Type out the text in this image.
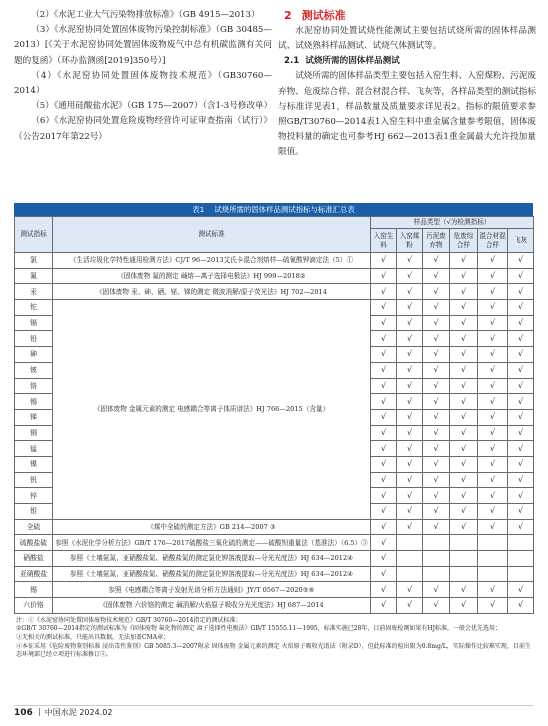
（2）《水泥工业大气污染物排放标准》（GB 4915—2013）

（3）《水泥窑协同处置固体废物污染控制标准》（GB 30485—2013）[《关于水泥窑协同处置固体废物废气中总有机碳监测有关问题的复函》（环办监测函[2019]350号）]

（4）《水泥窑协同处置固体废物技术规范》（GB30760—2014）

（5）《通用硅酸盐水泥》（GB 175—2007）（含1-3号修改单）

（6）《水泥窑协同处置危险废物经营许可证审查指南（试行）》（公告2017年第22号）

2 测试标准

水泥窑协同处置试烧性能测试主要包括试烧所需的固体样品测试、试烧熟料样品测试、试烧气体测试等。

2.1 试烧所需的固体样品测试

试烧所需的固体样品类型主要包括入窑生料、入窑煤粉、污泥废弃物、危废综合样、混合材混合样、飞灰等，各样品类型的测试指标与标准详见表1，样品数量及质量要求详见表2。指标的限值要求参照GB/T30760—2014表1入窑生料中重金属含量参考限值，固体废物投料量的确定也可参考HJ 662—2013表1重金属最大允许投加量限值。

表1 试烧所需的固体样品测试指标与标准汇总表
测试指标	测试标准	样品类型（√为检测指标）					
		入窑生料	入窑煤粉	污泥废弃物	危废综合样	混合材混合样	飞灰
氯	《生活垃圾化学特性通用检测方法》CJ/T 96—2013艾氏卡混合剂熔样—硫氰酸钾滴定法（5）①	√	√	√	√	√	√
氟	《固体废物 氟的测定 碱熔—离子选择电极法》HJ 999—2018②	√	√	√	√	√	√
汞	《固体废物 汞、砷、硒、铋、锑的测定 微波消解/原子荧光法》HJ 702—2014	√	√	√	√	√	√
铊	《固体废物 金属元素的测定 电感耦合等离子体质谱法》HJ 766—2015（含量）	√	√	√	√	√	√
镉		√	√	√	√	√	√
铅		√	√	√	√	√	√
砷		√	√	√	√	√	√
铍		√	√	√	√	√	√
铬		√	√	√	√	√	√
锡		√	√	√	√	√	√
锑		√	√	√	√	√	√
铜		√	√	√	√	√	√
锰		√	√	√	√	√	√
镍		√	√	√	√	√	√
钒		√	√	√	√	√	√
锌		√	√	√	√	√	√
钼		√	√	√	√	√	√
全硫	《煤中全硫的测定方法》GB 214—2007 ③	√	√	√	√	√	√
硫酸盐硫	参照《水泥化学分析方法》GB/T 176—2017硫酸盐三氧化硫的测定——硫酸钡重量法（基准法）（6.5）③	√					
硝酸盐	参照《土壤氨氮、亚硝酸盐氮、硝酸盐氮的测定氯化钾溶液提取—分光光度法》HJ 634—2012④	√					
亚硝酸盐	参照《土壤氨氮、亚硝酸盐氮、硝酸盐氮的测定氯化钾溶液提取—分光光度法》HJ 634—2012④	√					
锡	参照《电感耦合等离子发射光谱分析方法通则》JY/T 0567—2020⑤⑥	√	√	√	√	√	√
六价铬	《固体废物 六价铬的测定 碱消解/火焰原子吸收分光光度法》HJ 687—2014	√	√	√	√	√	√

注：①《水泥窑协同处置固体废物技术规范》GB/T 30760—2014指定的测试标准；

②GB/T 30760—2014指定的测试标准为《固体废物 氟化物的测定 离子选择性电极法》GB/T 15555.11—1995，标准实施已28年，目前固废检测如果有HJ标准，一般会优先选用；

③无相关的测试标准，只能出具数据，无法加盖CMA章；

④本征采用《危险废物鉴别标准 浸出毒性鉴别》GB 5085.3—2007附录 固体废物 金属元素的测定 火焰原子吸收光谱法（附录D），但此标准的检出限为0.8mg/L，实际操作比较难实现，目前生态环境部已经立项进行标准修订⑤。

106 中国水泥 2024.02
